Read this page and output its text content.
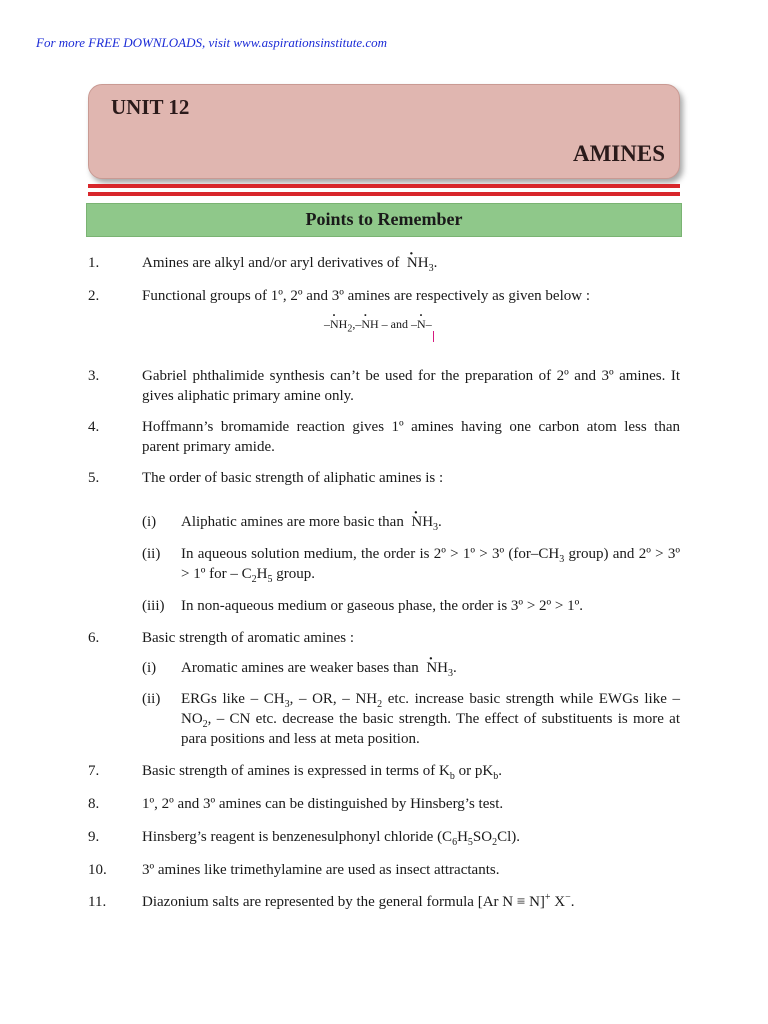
For more FREE DOWNLOADS, visit www.aspirationsinstitute.com
UNIT 12
AMINES
Points to Remember
1.	Amines are alkyl and/or aryl derivatives of  · $NH_3$.
2.	Functional groups of 1º, 2º and 3º amines are respectively as given below :
–· $NH_2,-\cdot$ NH – and –· N–
3.	Gabriel phthalimide synthesis can’t be used for the preparation of 2º and 3º amines. It gives aliphatic primary amine only.
4.	Hoffmann’s bromamide reaction gives 1º amines having one carbon atom less than parent primary amide.
5.	The order of basic strength of aliphatic amines is :
(i) Aliphatic amines are more basic than  · $NH_3$.
(ii) In aqueous solution medium, the order is 2º > 1º > 3º ($for-CH_3$ group) and 2º > 3º > 1º for – $C_2H_5$ group.
(iii) In non-aqueous medium or gaseous phase, the order is 3º > 2º > 1º.
6.	Basic strength of aromatic amines :
(i) Aromatic amines are weaker bases than  · $NH_3$.
(ii) ERGs like – $CH_3$, – OR, – $NH_2$ etc. increase basic strength while EWGs like – $NO_2$, – CN etc. decrease the basic strength. The effect of substituents is more at para positions and less at meta position.
7.	Basic strength of amines is expressed in terms of $K_b$ or $pK_b$.
8.	1º, 2º and 3º amines can be distinguished by Hinsberg’s test.
9.	Hinsberg’s reagent is benzenesulphonyl chloride $(C_6H_5SO_2Cl)$.
10. 3º amines like trimethylamine are used as insect attractants.
11. Diazonium salts are represented by the general formula [Ar N ≡ N]+ X−.
